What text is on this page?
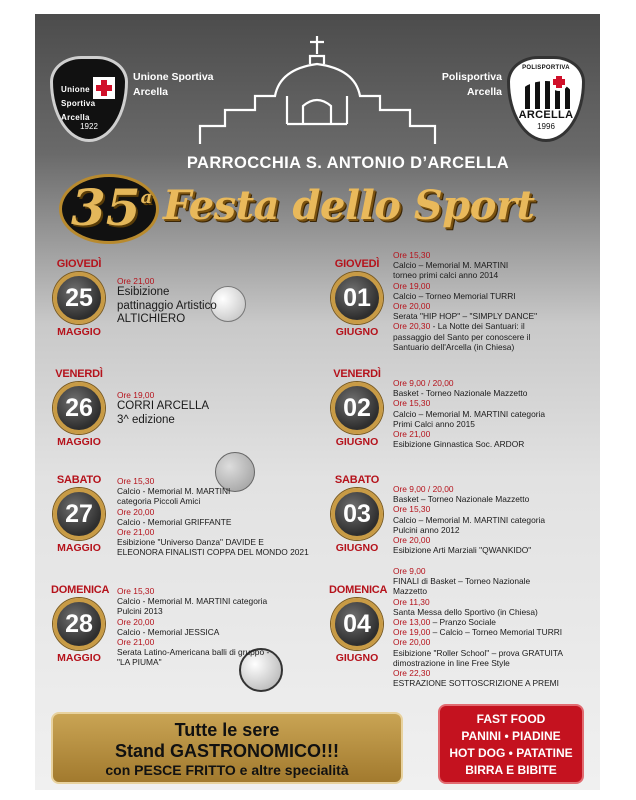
Unione
Sportiva
Arcella
1922
Unione Sportiva
Arcella
POLISPORTIVA
ARCELLA
1996
Polisportiva
Arcella
PARROCCHIA S. ANTONIO D’ARCELLA
35$^a$ Festa dello Sport
GIOVEDÌ
25
MAGGIO
VENERDÌ
26
MAGGIO
SABATO
27
MAGGIO
DOMENICA
28
MAGGIO
GIOVEDÌ
01
GIUGNO
VENERDÌ
02
GIUGNO
SABATO
03
GIUGNO
DOMENICA
04
GIUGNO
Ore 21,00
Esibizione
pattinaggio Artistico
ALTICHIERO
Ore 19,00
CORRI ARCELLA
3^ edizione
Ore 15,30
Calcio - Memorial M. MARTINI
categoria Piccoli Amici
Ore 20,00
Calcio - Memorial GRIFFANTE
Ore 21,00
Esibizione "Universo Danza" DAVIDE E
ELEONORA FINALISTI COPPA DEL MONDO 2021
Ore 15,30
Calcio - Memorial M. MARTINI categoria
Pulcini 2013
Ore 20,00
Calcio - Memorial JESSICA
Ore 21,00
Serata Latino-Americana balli di gruppo -
"LA PIUMA"
Ore 15,30
Calcio – Memorial M. MARTINI
torneo primi calci anno 2014
Ore 19,00
Calcio – Torneo Memorial TURRI
Ore 20,00
Serata "HIP HOP" – "SIMPLY DANCE"
Ore 20,30 - La Notte dei Santuari: il
passaggio del Santo per conoscere il
Santuario dell'Arcella (in Chiesa)
Ore 9,00 / 20,00
Basket - Torneo Nazionale Mazzetto
Ore 15,30
Calcio – Memorial M. MARTINI categoria
Primi Calci anno 2015
Ore 21,00
Esibizione Ginnastica Soc. ARDOR
Ore 9,00 / 20,00
Basket – Torneo Nazionale Mazzetto
Ore 15,30
Calcio – Memorial M. MARTINI categoria
Pulcini anno 2012
Ore 20,00
Esibizione Arti Marziali "QWANKIDO"
Ore 9,00
FINALI di Basket – Torneo Nazionale
Mazzetto
Ore 11,30
Santa Messa dello Sportivo (in Chiesa)
Ore 13,00 – Pranzo Sociale
Ore 19,00 – Calcio – Torneo Memorial TURRI
Ore 20,00
Esibizione "Roller School" – prova GRATUITA
dimostrazione in line Free Style
Ore 22,30
ESTRAZIONE SOTTOSCRIZIONE A PREMI
Tutte le sere
Stand GASTRONOMICO!!!
con PESCE FRITTO e altre specialità
FAST FOOD
PANINI • PIADINE
HOT DOG • PATATINE
BIRRA E BIBITE
